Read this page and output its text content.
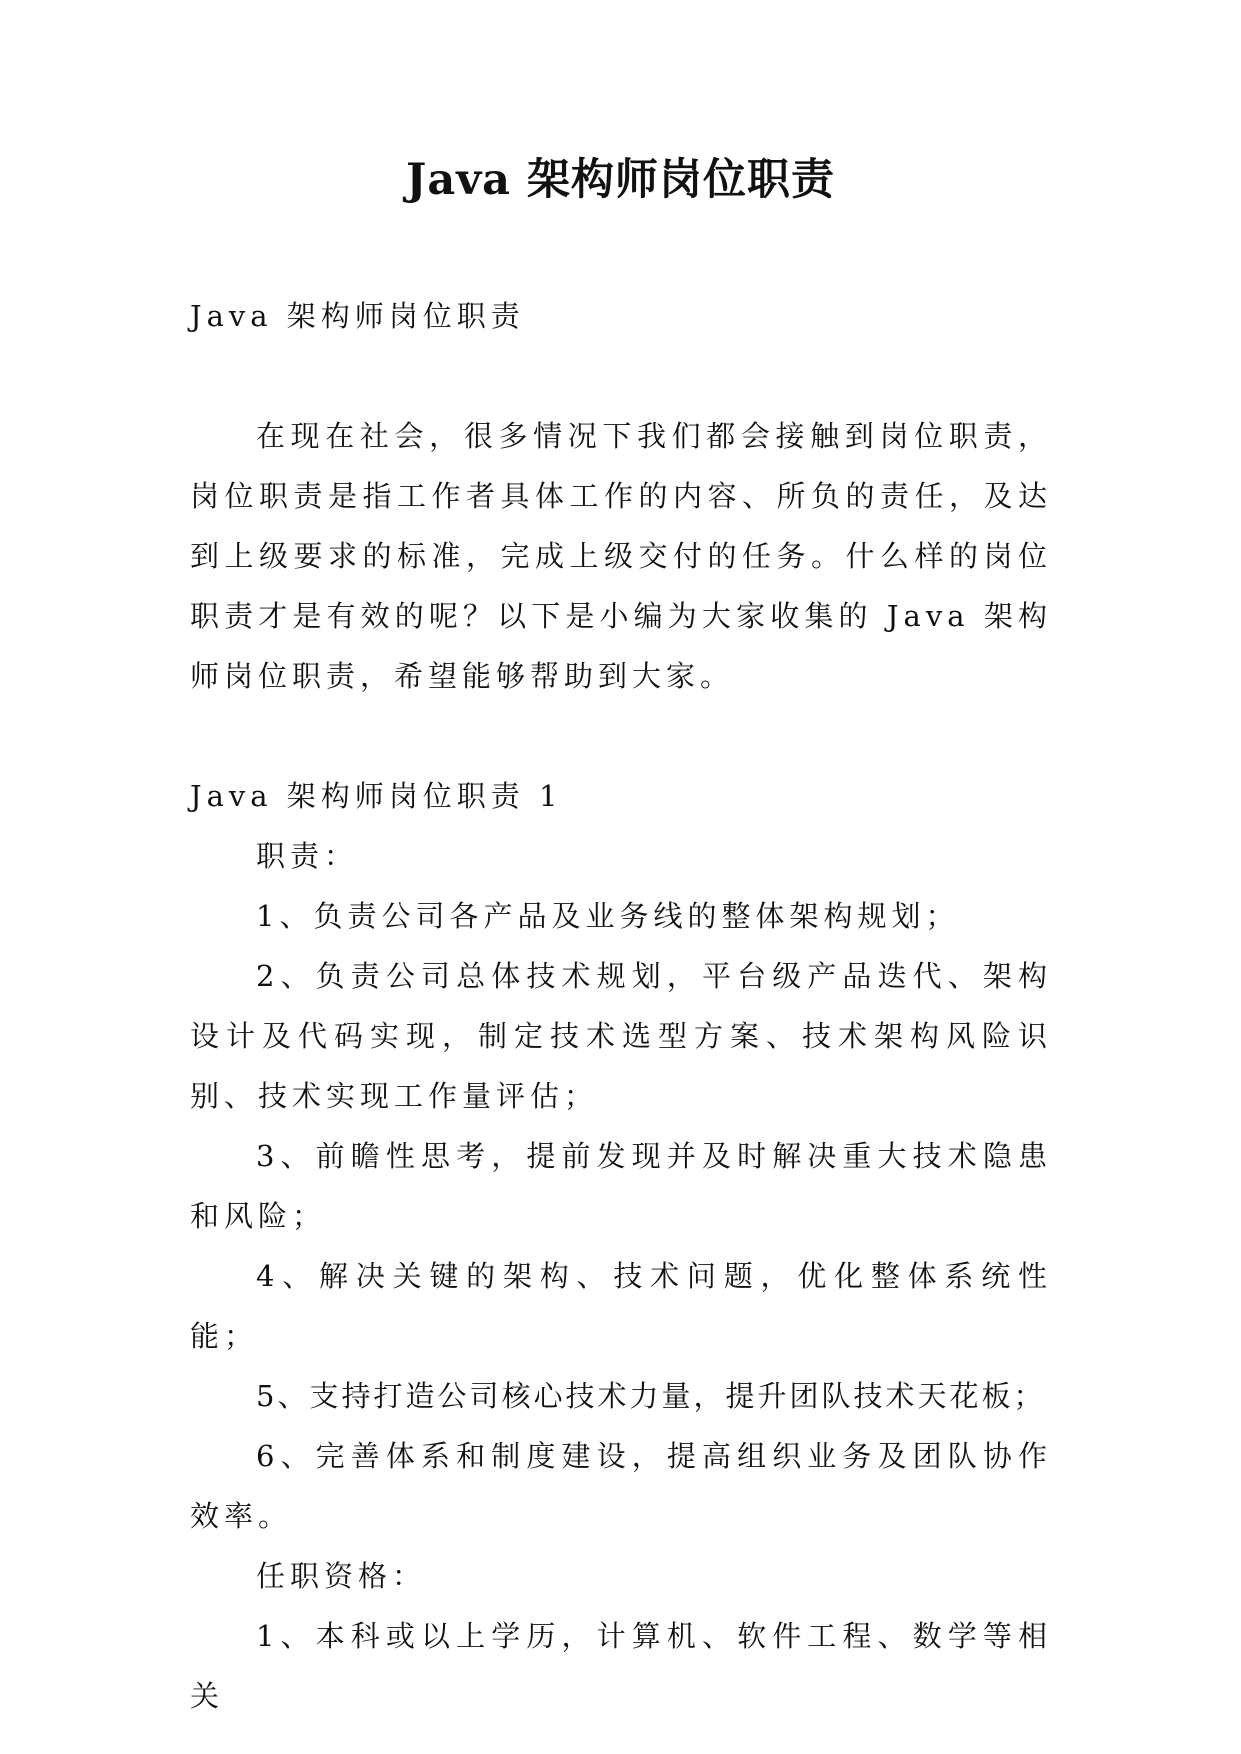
Java 架构师岗位职责

Java 架构师岗位职责

在现在社会，很多情况下我们都会接触到岗位职责，岗位职责是指工作者具体工作的内容、所负的责任，及达到上级要求的标准，完成上级交付的任务。什么样的岗位职责才是有效的呢？以下是小编为大家收集的 Java 架构师岗位职责，希望能够帮助到大家。

Java 架构师岗位职责 1

职责：

1、负责公司各产品及业务线的整体架构规划；

2、负责公司总体技术规划，平台级产品迭代、架构设计及代码实现，制定技术选型方案、技术架构风险识别、技术实现工作量评估；

3、前瞻性思考，提前发现并及时解决重大技术隐患和风险；

4、解决关键的架构、技术问题，优化整体系统性能；

5、支持打造公司核心技术力量，提升团队技术天花板；

6、完善体系和制度建设，提高组织业务及团队协作效率。

任职资格：

1、本科或以上学历，计算机、软件工程、数学等相关
